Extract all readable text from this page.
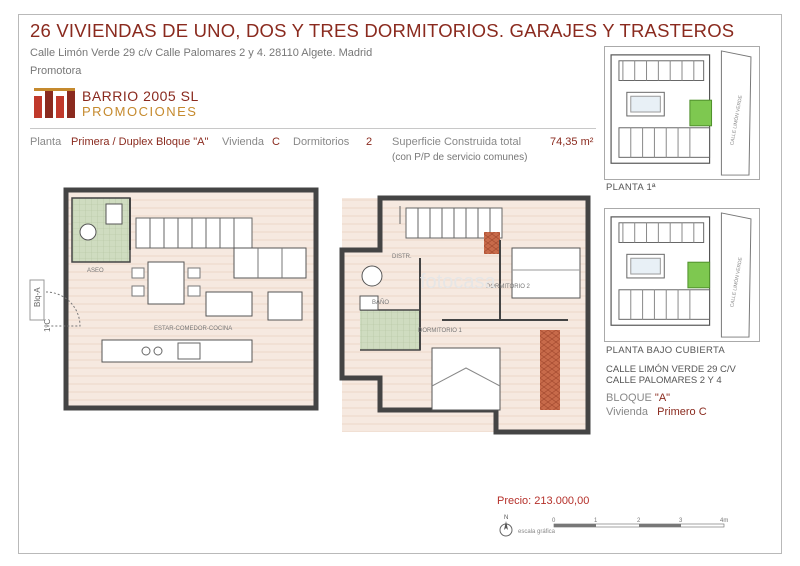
26 VIVIENDAS DE UNO, DOS Y TRES DORMITORIOS. GARAJES Y TRASTEROS
Calle Limón Verde 29 c/v Calle Palomares 2 y 4. 28110 Algete. Madrid
Promotora
BARRIO 2005 SL
PROMOCIONES
Planta Primera / Duplex Bloque "A" Vivienda C Dormitorios 2 Superficie Construida total	74,35 m²
(con P/P de servicio comunes)
Blq-A
1ºC	ESTAR-COMEDOR-COCINA
ASEO
DISTR.
BAÑO
DORMITORIO 1
DORMITORIO 2
fotocasa
CALLE LIMÓN VERDE
PLANTA 1ª
CALLE LIMÓN VERDE
PLANTA BAJO CUBIERTA
CALLE LIMÓN VERDE 29 C/V
CALLE PALOMARES 2 Y 4
BLOQUE "A"
Vivienda Primero C
Precio: 213.000,00
N	0	1	2	3	4m
escala gráfica
